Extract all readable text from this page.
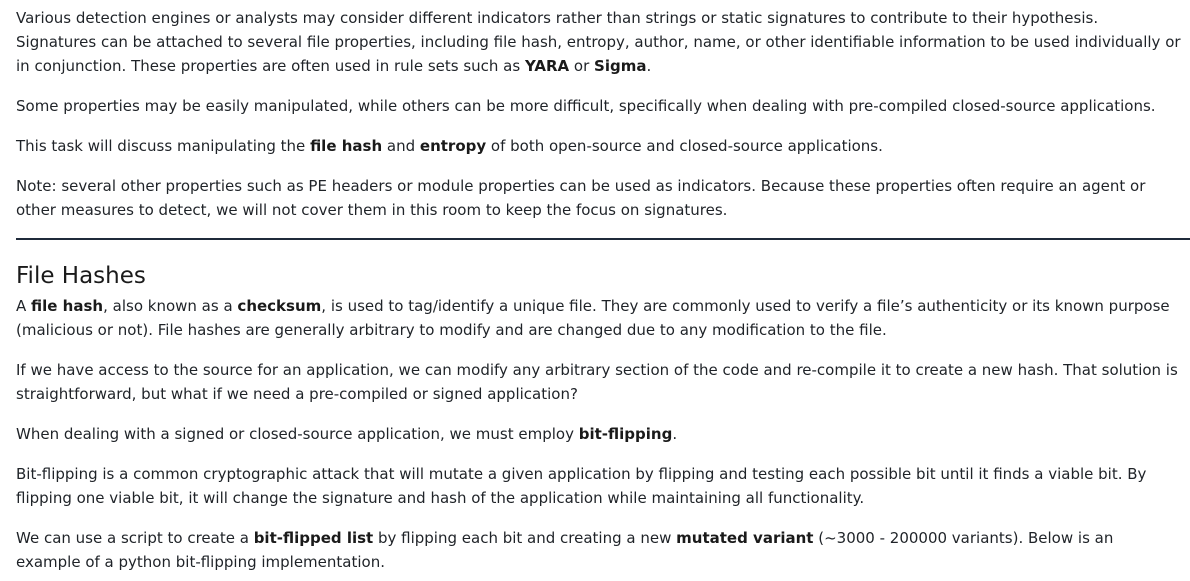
Various detection engines or analysts may consider different indicators rather than strings or static signatures to contribute to their hypothesis. Signatures can be attached to several file properties, including file hash, entropy, author, name, or other identifiable information to be used individually or in conjunction. These properties are often used in rule sets such as YARA or Sigma.

Some properties may be easily manipulated, while others can be more difficult, specifically when dealing with pre-compiled closed-source applications.

This task will discuss manipulating the file hash and entropy of both open-source and closed-source applications.

Note: several other properties such as PE headers or module properties can be used as indicators. Because these properties often require an agent or other measures to detect, we will not cover them in this room to keep the focus on signatures.

File Hashes

A file hash, also known as a checksum, is used to tag/identify a unique file. They are commonly used to verify a file’s authenticity or its known purpose (malicious or not). File hashes are generally arbitrary to modify and are changed due to any modification to the file.

If we have access to the source for an application, we can modify any arbitrary section of the code and re-compile it to create a new hash. That solution is straightforward, but what if we need a pre-compiled or signed application?

When dealing with a signed or closed-source application, we must employ bit-flipping.

Bit-flipping is a common cryptographic attack that will mutate a given application by flipping and testing each possible bit until it finds a viable bit. By flipping one viable bit, it will change the signature and hash of the application while maintaining all functionality.

We can use a script to create a bit-flipped list by flipping each bit and creating a new mutated variant (~3000 - 200000 variants). Below is an example of a python bit-flipping implementation.
